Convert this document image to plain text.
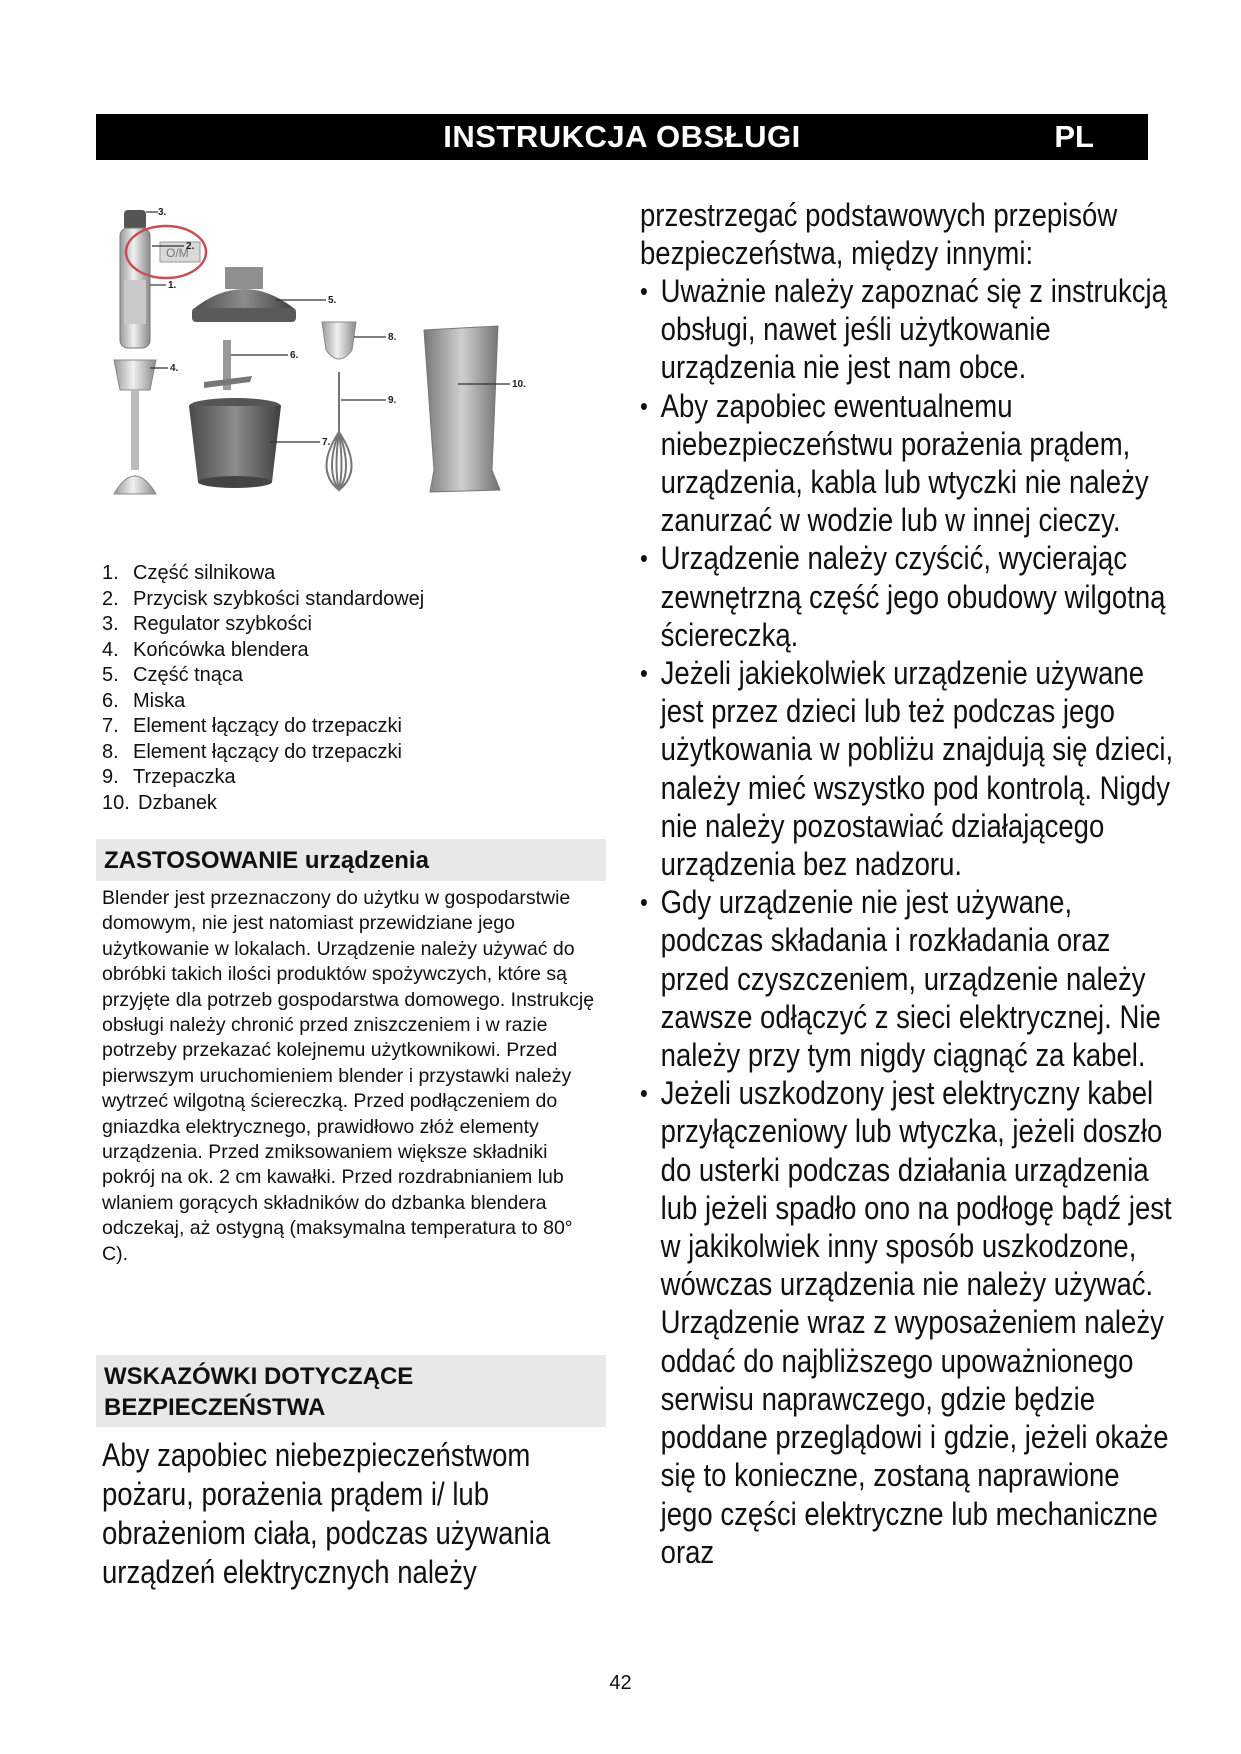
INSTRUKCJA OBSŁUGI	PL
O/M
3.
2.
1.
4.
5.
6.
7.
8.
9.
10.
1. Część silnikowa
2. Przycisk szybkości standardowej
3. Regulator szybkości
4. Końcówka blendera
5. Część tnąca
6. Miska
7. Element łączący do trzepaczki
8. Element łączący do trzepaczki
9. Trzepaczka
10. Dzbanek
ZASTOSOWANIE urządzenia

Blender jest przeznaczony do użytku w gospodarstwie domowym, nie jest natomiast przewidziane jego użytkowanie w lokalach. Urządzenie należy używać do obróbki takich ilości produktów spożywczych, które są przyjęte dla potrzeb gospodarstwa domowego. Instrukcję obsługi należy chronić przed zniszczeniem i w razie potrzeby przekazać kolejnemu użytkownikowi. Przed pierwszym uruchomieniem blender i przystawki należy wytrzeć wilgotną ściereczką. Przed podłączeniem do gniazdka elektrycznego, prawidłowo złóż elementy urządzenia. Przed zmiksowaniem większe składniki pokrój na ok. 2 cm kawałki. Przed rozdrabnianiem lub wlaniem gorących składników do dzbanka blendera odczekaj, aż ostygną (maksymalna temperatura to 80° C).

WSKAZÓWKI DOTYCZĄCE BEZPIECZEŃSTWA

Aby zapobiec niebezpieczeństwom pożaru, porażenia prądem i/ lub obrażeniom ciała, podczas używania urządzeń elektrycznych należy

przestrzegać podstawowych przepisów bezpieczeństwa, między innymi:

• Uważnie należy zapoznać się z instrukcją obsługi, nawet jeśli użytkowanie urządzenia nie jest nam obce.
• Aby zapobiec ewentualnemu niebezpieczeństwu porażenia prądem, urządzenia, kabla lub wtyczki nie należy zanurzać w wodzie lub w innej cieczy.
• Urządzenie należy czyścić, wycierając zewnętrzną część jego obudowy wilgotną ściereczką.
• Jeżeli jakiekolwiek urządzenie używane jest przez dzieci lub też podczas jego użytkowania w pobliżu znajdują się dzieci, należy mieć wszystko pod kontrolą. Nigdy nie należy pozostawiać działającego urządzenia bez nadzoru.
• Gdy urządzenie nie jest używane, podczas składania i rozkładania oraz przed czyszczeniem, urządzenie należy zawsze odłączyć z sieci elektrycznej. Nie należy przy tym nigdy ciągnąć za kabel.
• Jeżeli uszkodzony jest elektryczny kabel przyłączeniowy lub wtyczka, jeżeli doszło do usterki podczas działania urządzenia lub jeżeli spadło ono na podłogę bądź jest w jakikolwiek inny sposób uszkodzone, wówczas urządzenia nie należy używać. Urządzenie wraz z wyposażeniem należy oddać do najbliższego upoważnionego serwisu naprawczego, gdzie będzie poddane przeglądowi i gdzie, jeżeli okaże się to konieczne, zostaną naprawione jego części elektryczne lub mechaniczne oraz
42
